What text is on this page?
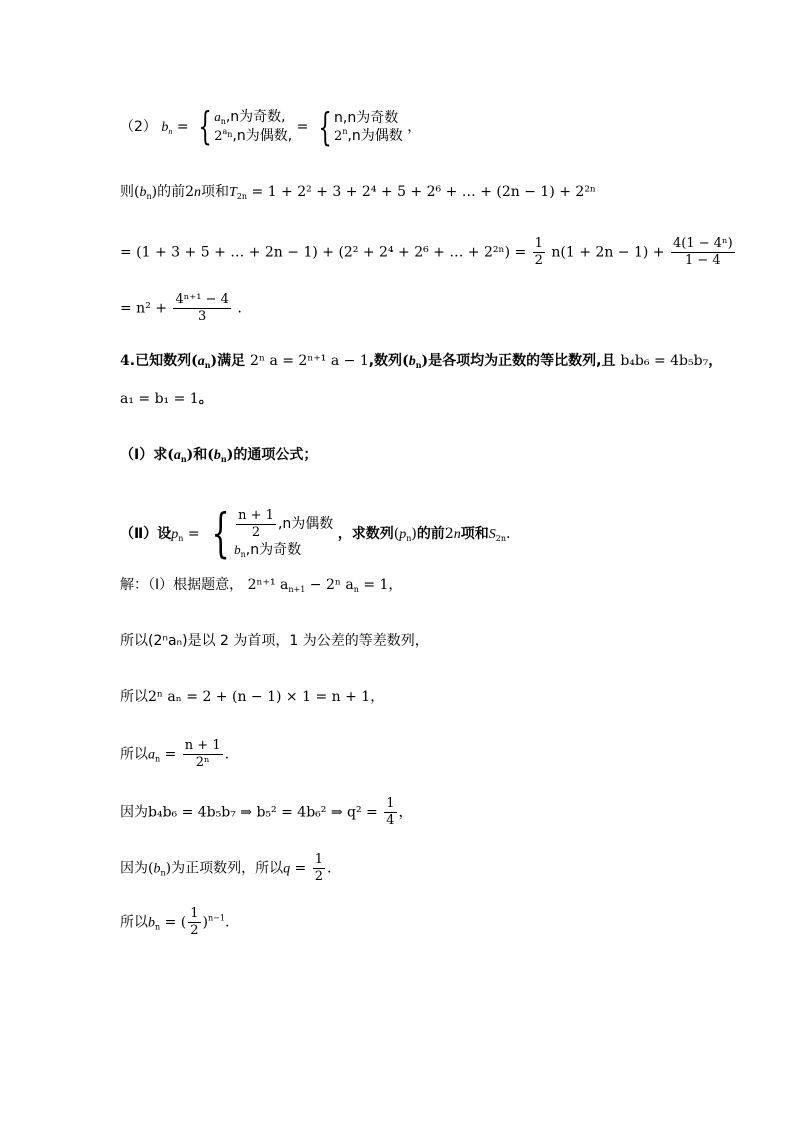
（2） $b_n$ = { $a_n,n$为奇数,
$2^{a_n},n$为偶数,
= { n,n为奇数
2$^n$,n为偶数
，
则$(b_n)$的前2n项和$T_{2n} = 1 + 2^2 + 3 + 2^4 + 5 + 2^6$ + … + (2n − 1) + 2²ⁿ
= (1 + 3 + 5 + … + 2n − 1) + (2² + 2⁴ + 2⁶ + … + $2^{2n}) = \frac{1}{2} n(1 + 2n - 1) + \frac{\text{4(1 − 4ⁿ)}}{1 - 4}$
= $n^2 + \frac{\text{4ⁿ⁺¹ − 4}}{3}$ .
4.已知数列$(a_n)$满足 2ⁿ a = 2ⁿ⁺¹ a − 1,数列$(b_n)$是各项均为正数的等比数列,且 b₄b₆ = 4b₅b₇，
a₁ = b₁ = 1。
（Ⅰ）求$(a_n)$和$(b_n)$的通项公式；
（Ⅱ）设$p_n$ = { $\frac{n + 1}{2} ,n$为偶数
$b_n,n$为奇数
，求数列$(p_n)$的前2n项和$S_{2n}$.
解：（Ⅰ）根据题意， 2ⁿ⁺¹ $a_{n+1} - 2^n$ $a_n = 1$，
所以(2ⁿaₙ)是以 2 为首项，1 为公差的等差数列，
所以2ⁿ aₙ = 2 + (n − 1) × 1 = n + 1，
所以$a_n = \frac{n + 1}{\text{2ⁿ}}$ .
因为b₄b₆ = 4b₅b₇ ⇒ b₅² = 4b₆² ⇒ $q^2 = \frac{1}{4}$ ，
因为$(b_n)$为正项数列，所以$q = \frac{1}{2}$ .
所以$b_n$ = ( $\frac{1}{2} )^{n-1}$.
